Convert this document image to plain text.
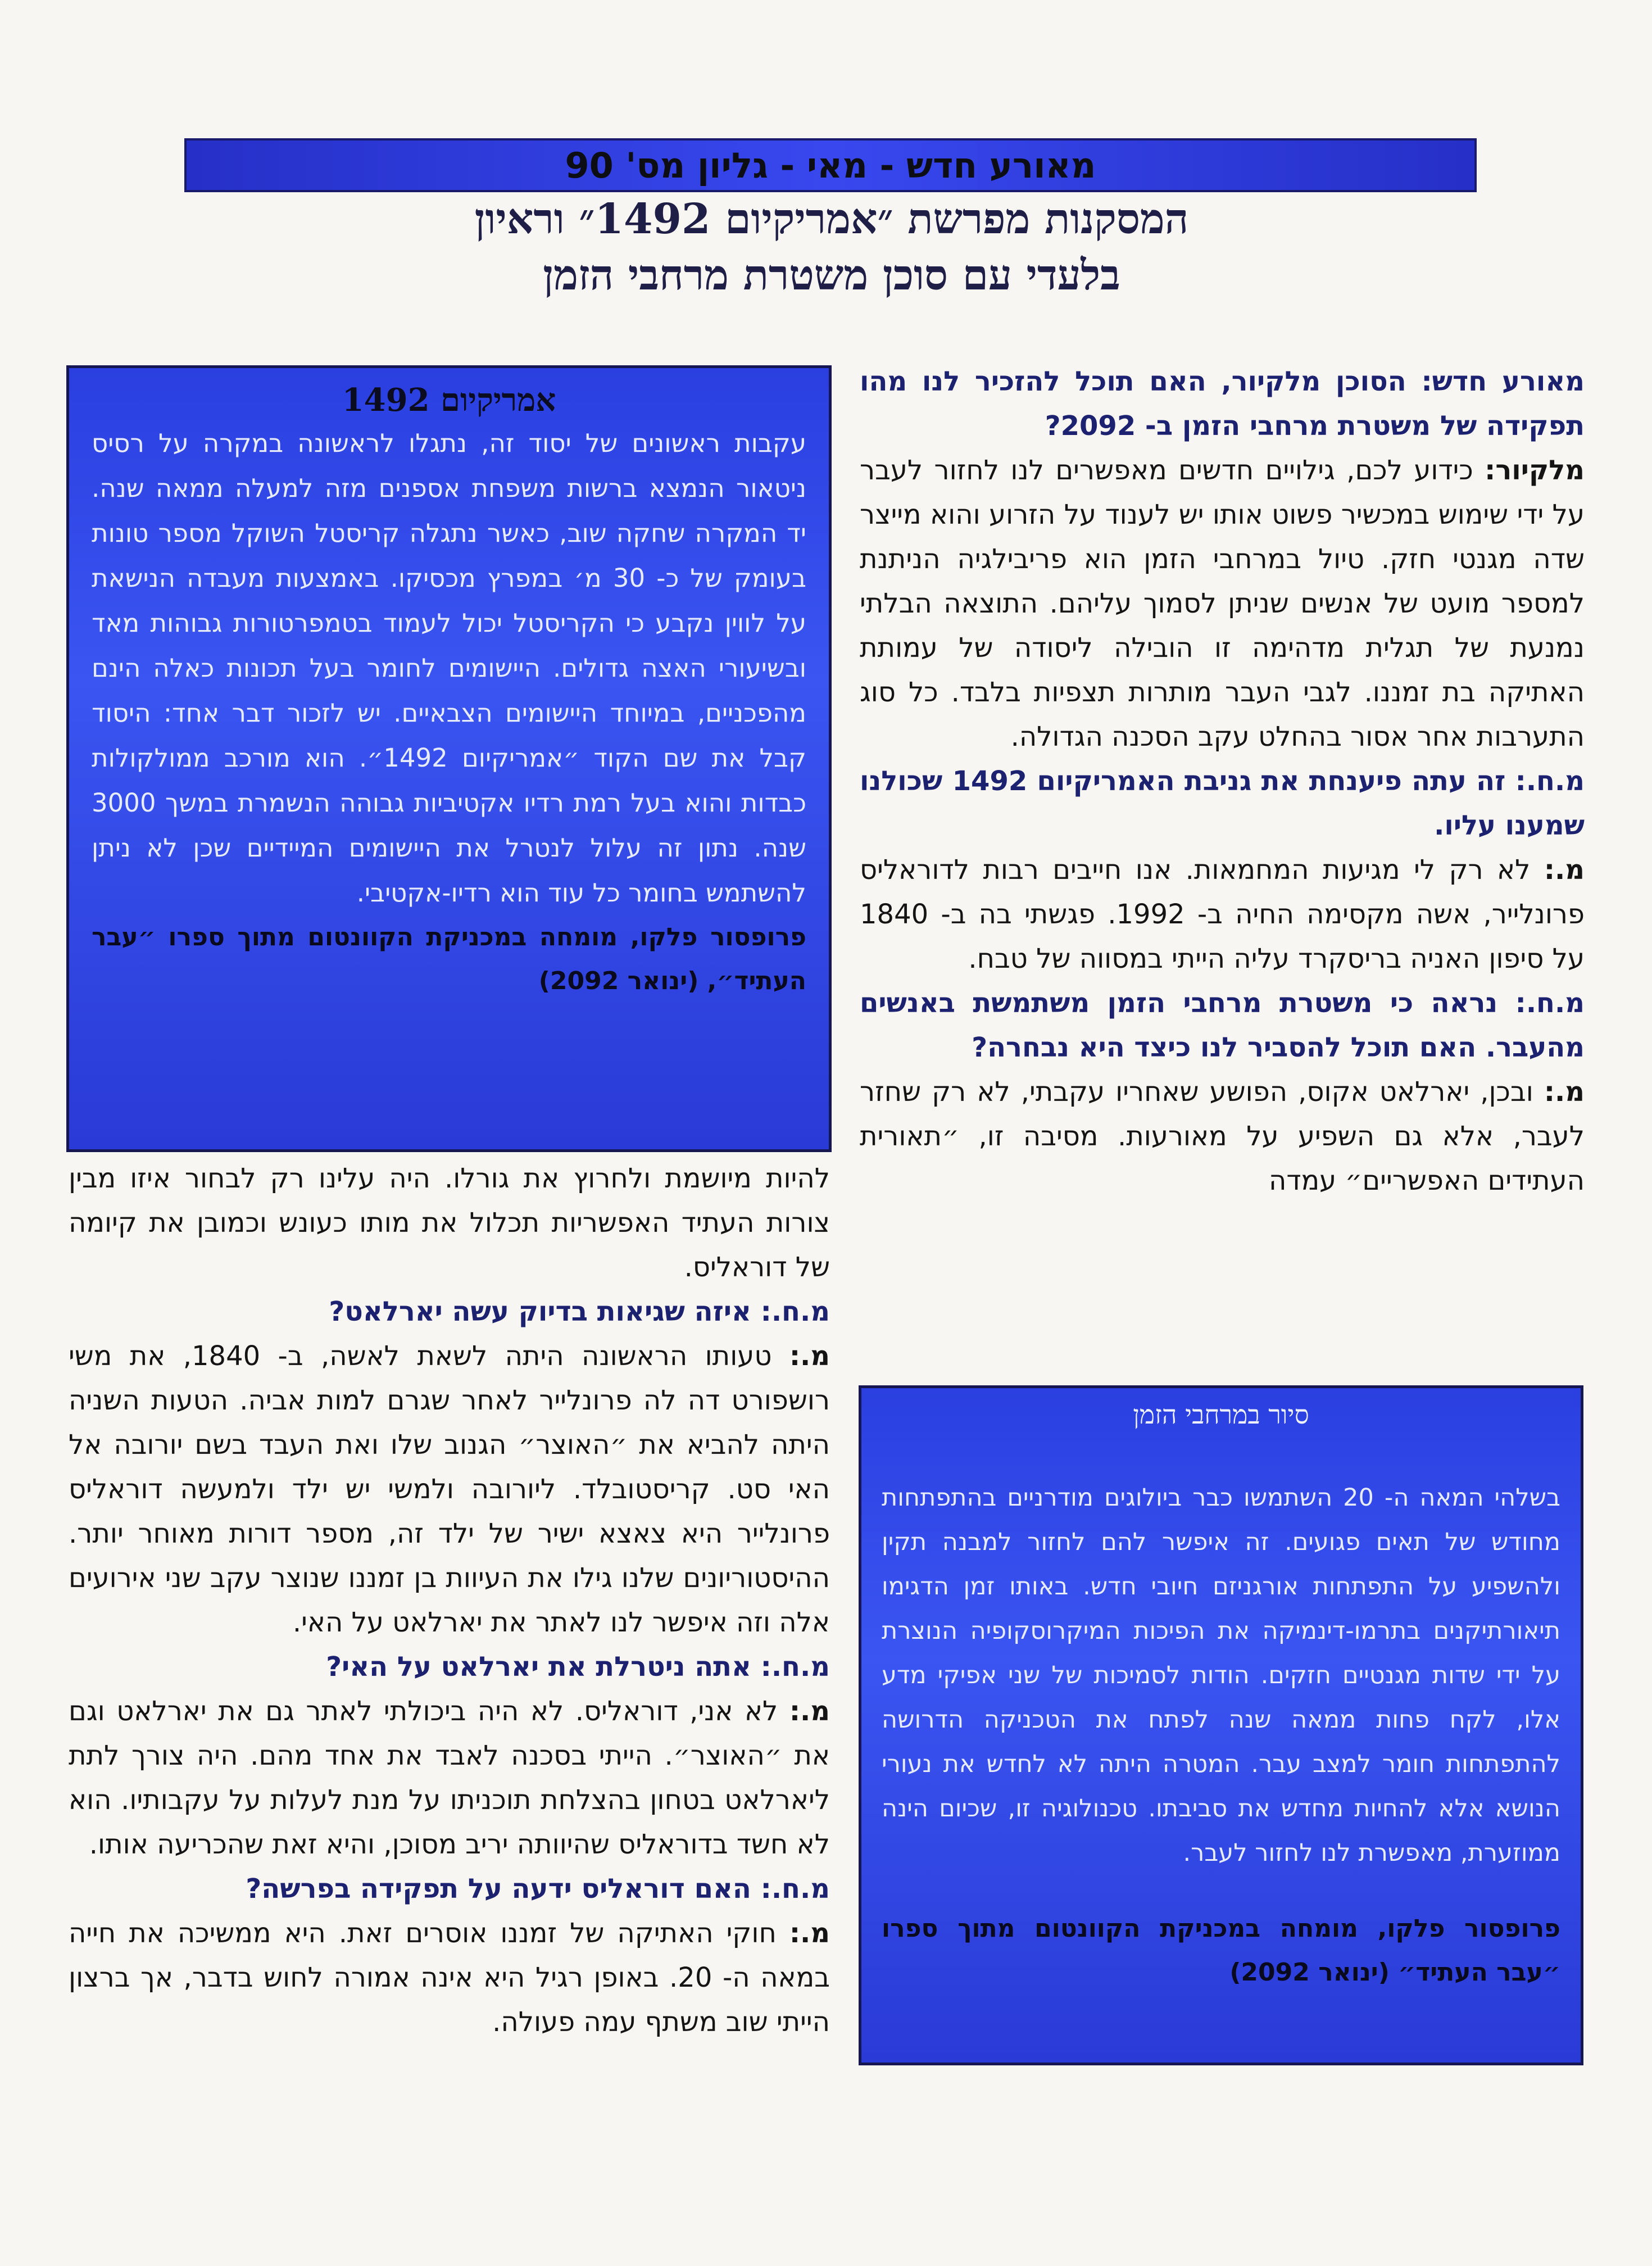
מאורע חדש - מאי - גליון מס' 90
המסקנות מפרשת ״אמריקיום 1492״ וראיון
בלעדי עם סוכן משטרת מרחבי הזמן

מאורע חדש: הסוכן מלקיור, האם תוכל להזכיר לנו מהו תפקידה של משטרת מרחבי הזמן ב- 2092?

מלקיור: כידוע לכם, גילויים חדשים מאפשרים לנו לחזור לעבר על ידי שימוש במכשיר פשוט אותו יש לענוד על הזרוע והוא מייצר שדה מגנטי חזק. טיול במרחבי הזמן הוא פריבילגיה הניתנת למספר מועט של אנשים שניתן לסמוך עליהם. התוצאה הבלתי נמנעת של תגלית מדהימה זו הובילה ליסודה של עמותת האתיקה בת זמננו. לגבי העבר מותרות תצפיות בלבד. כל סוג התערבות אחר אסור בהחלט עקב הסכנה הגדולה.

מ.ח.: זה עתה פיענחת את גניבת האמריקיום 1492 שכולנו שמענו עליו.

מ.: לא רק לי מגיעות המחמאות. אנו חייבים רבות לדוראליס פרונלייר, אשה מקסימה החיה ב- 1992. פגשתי בה ב- 1840 על סיפון האניה בריסקרד עליה הייתי במסווה של טבח.

מ.ח.: נראה כי משטרת מרחבי הזמן משתמשת באנשים מהעבר. האם תוכל להסביר לנו כיצד היא נבחרה?

מ.: ובכן, יארלאט אקוס, הפושע שאחריו עקבתי, לא רק שחזר לעבר, אלא גם השפיע על מאורעות. מסיבה זו, ״תאורית העתידים האפשריים״ עמדה

להיות מיושמת ולחרוץ את גורלו. היה עלינו רק לבחור איזו מבין צורות העתיד האפשריות תכלול את מותו כעונש וכמובן את קיומה של דוראליס.

מ.ח.: איזה שגיאות בדיוק עשה יארלאט?

מ.: טעותו הראשונה היתה לשאת לאשה, ב- 1840, את משי רושפורט דה לה פרונלייר לאחר שגרם למות אביה. הטעות השניה היתה להביא את ״האוצר״ הגנוב שלו ואת העבד בשם יורובה אל האי סט. קריסטובלד. ליורובה ולמשי יש ילד ולמעשה דוראליס פרונלייר היא צאצא ישיר של ילד זה, מספר דורות מאוחר יותר. ההיסטוריונים שלנו גילו את העיוות בן זמננו שנוצר עקב שני אירועים אלה וזה איפשר לנו לאתר את יארלאט על האי.

מ.ח.: אתה ניטרלת את יארלאט על האי?

מ.: לא אני, דוראליס. לא היה ביכולתי לאתר גם את יארלאט וגם את ״האוצר״. הייתי בסכנה לאבד את אחד מהם. היה צורך לתת ליארלאט בטחון בהצלחת תוכניתו על מנת לעלות על עקבותיו. הוא לא חשד בדוראליס שהיוותה יריב מסוכן, והיא זאת שהכריעה אותו.

מ.ח.: האם דוראליס ידעה על תפקידה בפרשה?

מ.: חוקי האתיקה של זמננו אוסרים זאת. היא ממשיכה את חייה במאה ה- 20. באופן רגיל היא אינה אמורה לחוש בדבר, אך ברצון הייתי שוב משתף עמה פעולה.

אמריקיום 1492
עקבות ראשונים של יסוד זה, נתגלו לראשונה במקרה על רסיס ניטאור הנמצא ברשות משפחת אספנים מזה למעלה ממאה שנה. יד המקרה שחקה שוב, כאשר נתגלה קריסטל השוקל מספר טונות בעומק של כ- 30 מ׳ במפרץ מכסיקו. באמצעות מעבדה הנישאת על לווין נקבע כי הקריסטל יכול לעמוד בטמפרטורות גבוהות מאד ובשיעורי האצה גדולים. היישומים לחומר בעל תכונות כאלה הינם מהפכניים, במיוחד היישומים הצבאיים. יש לזכור דבר אחד: היסוד קבל את שם הקוד ״אמריקיום 1492״. הוא מורכב ממולקולות כבדות והוא בעל רמת רדיו אקטיביות גבוהה הנשמרת במשך 3000 שנה. נתון זה עלול לנטרל את היישומים המיידיים שכן לא ניתן להשתמש בחומר כל עוד הוא רדיו-אקטיבי.
פרופסור פלקו, מומחה במכניקת הקוונטום מתוך ספרו ״עבר העתיד״, (ינואר 2092)
סיור במרחבי הזמן
בשלהי המאה ה- 20 השתמשו כבר ביולוגים מודרניים בהתפתחות מחודש של תאים פגועים. זה איפשר להם לחזור למבנה תקין ולהשפיע על התפתחות אורגניזם חיובי חדש. באותו זמן הדגימו תיאורתיקנים בתרמו-דינמיקה את הפיכות המיקרוסקופיה הנוצרת על ידי שדות מגנטיים חזקים. הודות לסמיכות של שני אפיקי מדע אלו, לקח פחות ממאה שנה לפתח את הטכניקה הדרושה להתפתחות חומר למצב עבר. המטרה היתה לא לחדש את נעורי הנושא אלא להחיות מחדש את סביבתו. טכנולוגיה זו, שכיום הינה ממוזערת, מאפשרת לנו לחזור לעבר.
פרופסור פלקו, מומחה במכניקת הקוונטום מתוך ספרו ״עבר העתיד״ (ינואר 2092)
